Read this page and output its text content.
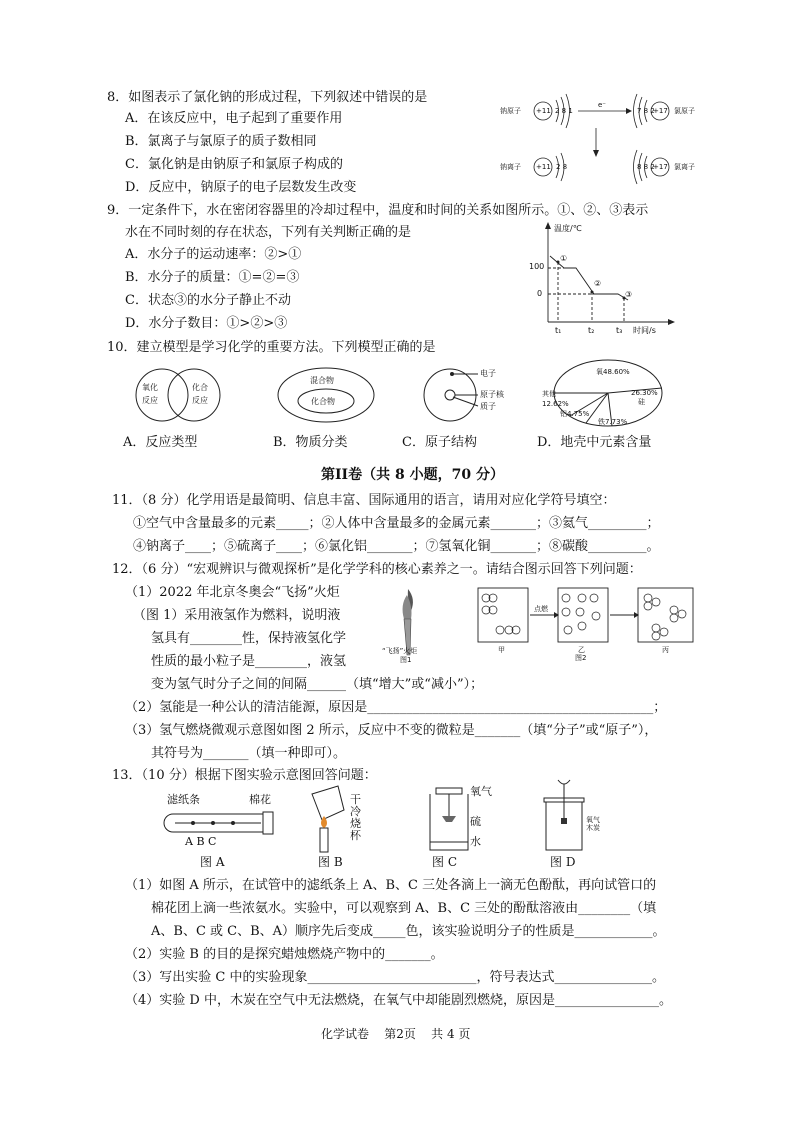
8．如图表示了氯化钠的形成过程，下列叙述中错误的是
A．在该反应中，电子起到了重要作用
B．氯离子与氯原子的质子数相同
C．氯化钠是由钠原子和氯原子构成的
D．反应中，钠原子的电子层数发生改变
钠原子 +11 2 8 1
e⁻
7 8 2
+17 氯原子
钠离子 +11 2 8	8 8 2
+17 氯离子
9．一定条件下，水在密闭容器里的冷却过程中，温度和时间的关系如图所示。①、②、③表示
水在不同时刻的存在状态，下列有关判断正确的是
A．水分子的运动速率：②>①
B．水分子的质量：①=②=③
C．状态③的水分子静止不动
D．水分子数目：①>②>③
温度/℃
100
0
①
②
③
t₁	t₂	t₃ 时间/s
10．建立模型是学习化学的重要方法。下列模型正确的是
氧化
反应
化合
反应
混合物
化合物
电子
原子核
质子
氧48.60%
26.30%
硅
其他
12.62%
铝4.75%
铁7.73%
A．反应类型	B．物质分类	C．原子结构	D．地壳中元素含量
第II卷（共 8 小题，70 分）
11．（8 分）化学用语是最简明、信息丰富、国际通用的语言，请用对应化学符号填空：
①空气中含量最多的元素_____；②人体中含量最多的金属元素_______；③氦气_________；
④钠离子____；⑤硫离子____；⑥氯化铝_______；⑦氢氧化铜_______；⑧碳酸_________。
12．（6 分）“宏观辨识与微观探析”是化学学科的核心素养之一。请结合图示回答下列问题：
（1）2022 年北京冬奥会“飞扬”火炬
（图 1）采用液氢作为燃料，说明液
氢具有________性，保持液氢化学
性质的最小粒子是________，液氢
变为氢气时分子之间的间隔______（填“增大”或“减小”）；
（2）氢能是一种公认的清洁能源，原因是____________________________________________；
（3）氢气燃烧微观示意图如图 2 所示，反应中不变的微粒是_______（填“分子”或“原子”），
其符号为_______（填一种即可）。
“飞扬”火炬
图1
点燃
甲	乙	丙
图2
13．（10 分）根据下图实验示意图回答问题：
滤纸条	棉花
A B C
图 A
干冷烧杯
图 B
氧气
硫
水
图 C
氧气木炭
图 D
（1）如图 A 所示，在试管中的滤纸条上 A、B、C 三处各滴上一滴无色酚酞，再向试管口的
棉花团上滴一些浓氨水。实验中，可以观察到 A、B、C 三处的酚酞溶液由________（填
A、B、C 或 C、B、A）顺序先后变成_____色，该实验说明分子的性质是____________。
（2）实验 B 的目的是探究蜡烛燃烧产物中的_______。
（3）写出实验 C 中的实验现象__________________________，符号表达式_______________。
（4）实验 D 中，木炭在空气中无法燃烧，在氧气中却能剧烈燃烧，原因是________________。
化学试卷    第2页    共 4 页
